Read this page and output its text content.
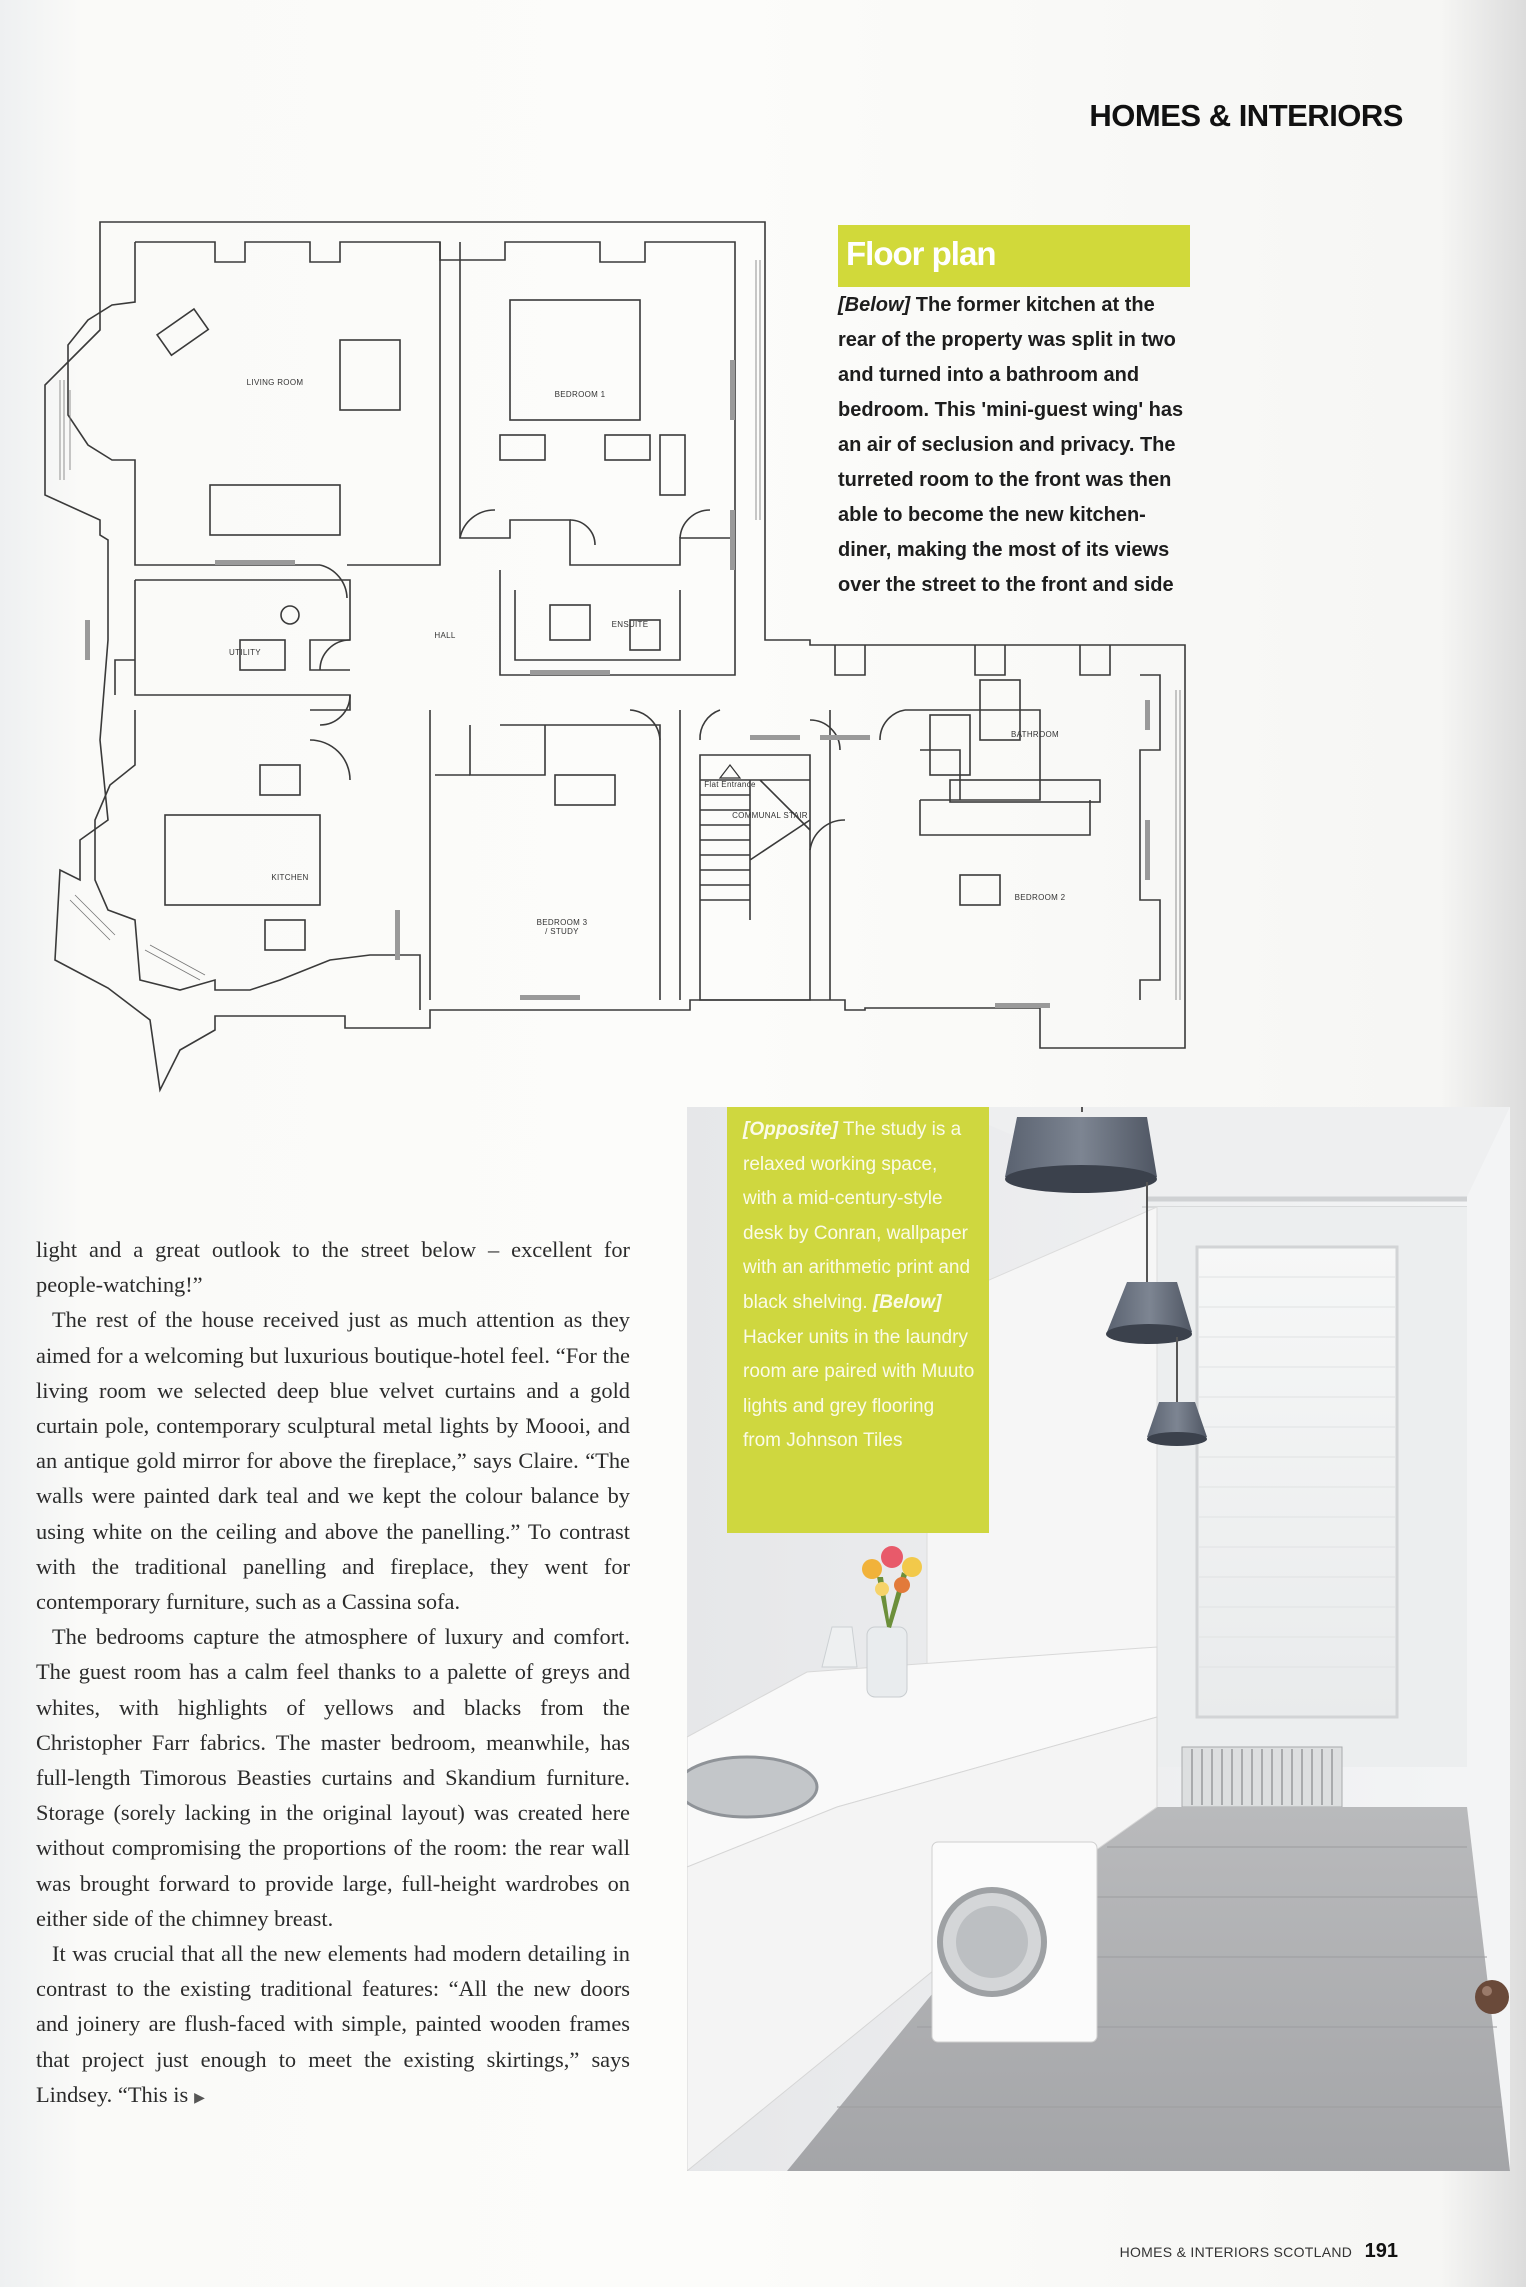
HOMES & INTERIORS
LIVING ROOM
BEDROOM 1
ENSUITE
HALL
UTILITY
KITCHEN
BEDROOM 3
/ STUDY
Flat Entrance
COMMUNAL STAIR
BATHROOM
BEDROOM 2
Floor plan
[Below] The former kitchen at the rear of the property was split in two and turned into a bathroom and bedroom. This 'mini-guest wing' has an air of seclusion and privacy. The turreted room to the front was then able to become the new kitchen-diner, making the most of its views over the street to the front and side

light and a great outlook to the street below – excellent for people-watching!”

The rest of the house received just as much attention as they aimed for a welcoming but luxurious boutique-hotel feel. “For the living room we selected deep blue velvet curtains and a gold curtain pole, contemporary sculptural metal lights by Moooi, and an antique gold mirror for above the fireplace,” says Claire. “The walls were painted dark teal and we kept the colour balance by using white on the ceiling and above the panelling.” To contrast with the traditional panelling and fireplace, they went for contemporary furniture, such as a Cassina sofa.

The bedrooms capture the atmosphere of luxury and comfort. The guest room has a calm feel thanks to a palette of greys and whites, with highlights of yellows and blacks from the Christopher Farr fabrics. The master bedroom, meanwhile, has full-length Timorous Beasties curtains and Skandium furniture. Storage (sorely lacking in the original layout) was created here without compromising the proportions of the room: the rear wall was brought forward to provide large, full-height wardrobes on either side of the chimney breast.

It was crucial that all the new elements had modern detailing in contrast to the existing traditional features: “All the new doors and joinery are flush-faced with simple, painted wooden frames that project just enough to meet the existing skirtings,” says Lindsey. “This is ▶

[Opposite] The study is a relaxed working space, with a mid-century-style desk by Conran, wallpaper with an arithmetic print and black shelving. [Below] Hacker units in the laundry room are paired with Muuto lights and grey flooring from Johnson Tiles
HOMES & INTERIORS SCOTLAND 191
